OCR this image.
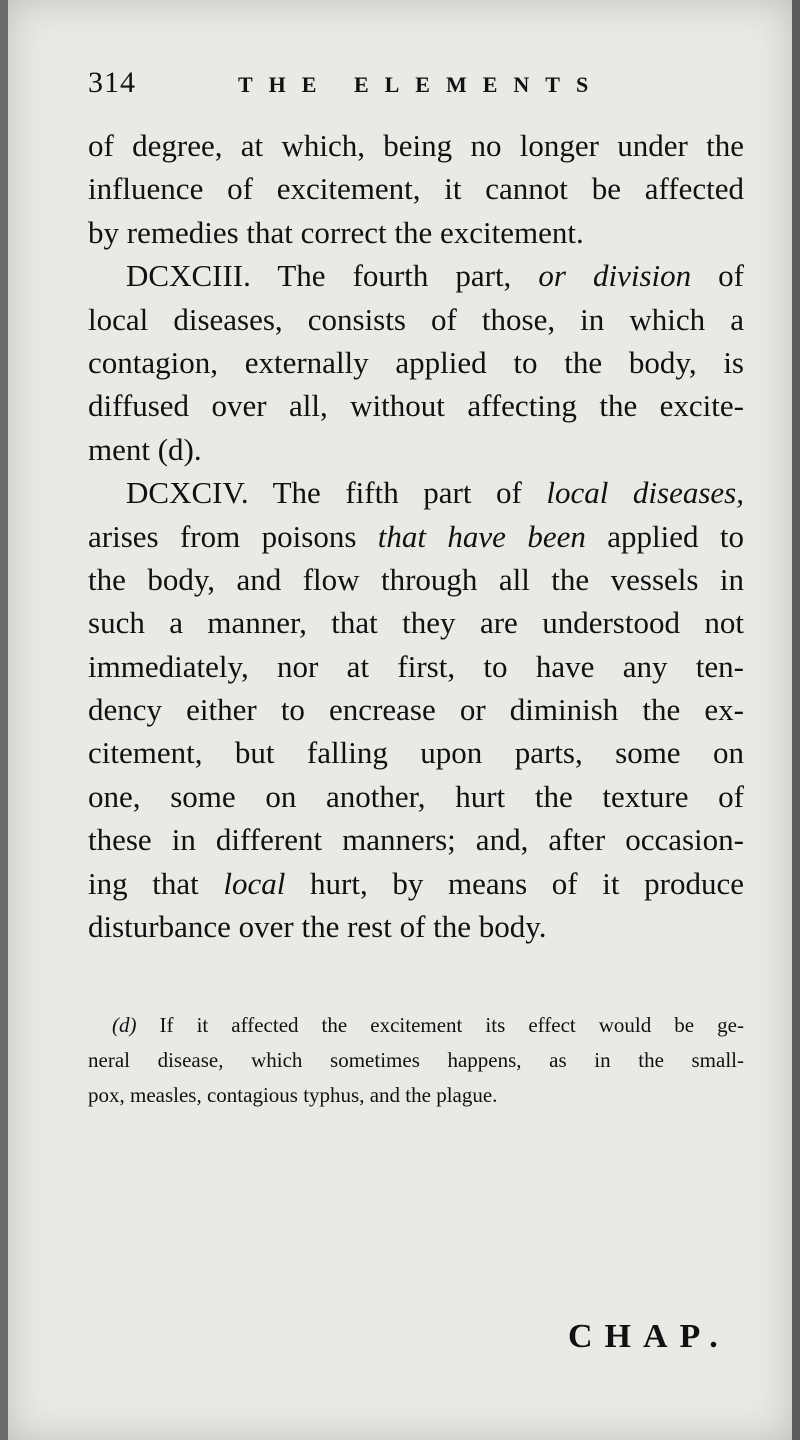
314	THE ELEMENTS
of degree, at which, being no longer under the
influence of excitement, it cannot be affected
by remedies that correct the excitement.
DCXCIII. The fourth part, or division of
local diseases, consists of those, in which a
contagion, externally applied to the body, is
diffused over all, without affecting the excite-
ment (d).
DCXCIV. The fifth part of local diseases,
arises from poisons that have been applied to
the body, and flow through all the vessels in
such a manner, that they are understood not
immediately, nor at first, to have any ten-
dency either to encrease or diminish the ex-
citement, but falling upon parts, some on
one, some on another, hurt the texture of
these in different manners; and, after occasion-
ing that local hurt, by means of it produce
disturbance over the rest of the body.
(d) If it affected the excitement its effect would be ge-
neral disease, which sometimes happens, as in the small-
pox, measles, contagious typhus, and the plague.
CHAP.
